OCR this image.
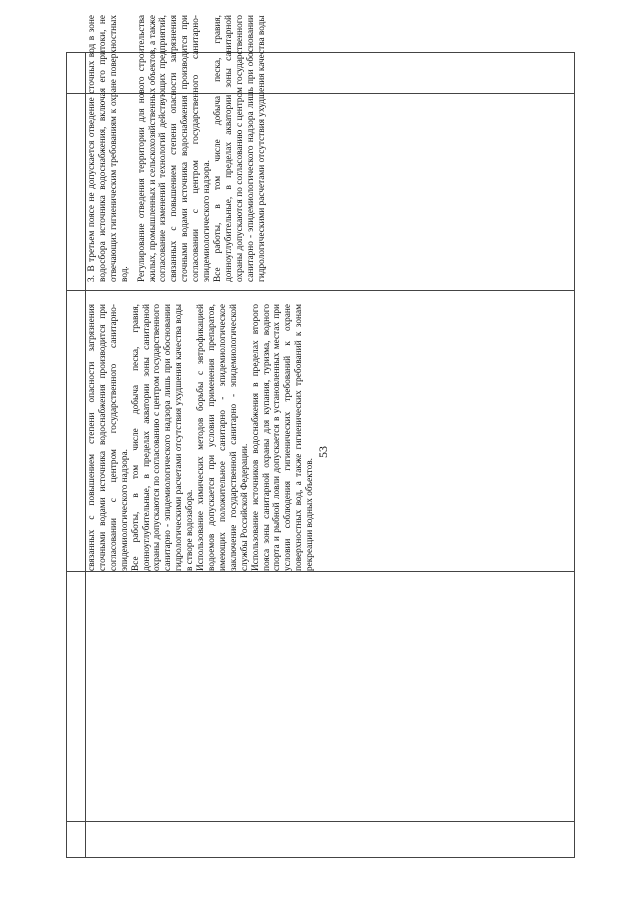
53

связанных с повышением степени опасности загрязнения сточными водами источника водоснабжения производится при согласовании с центром государственного санитарно-эпидемиологического надзора. Все работы, в том числе добыча песка, гравия, донноуглубительные, в пределах акватории зоны санитарной охраны допускаются по согласованию с центром государственного санитарно - эпидемиологического надзора лишь при обосновании гидрологическими расчетами отсутствия ухудшения качества воды в створе водозабора. Использование химических методов борьбы с эвтрофикацией водоемов допускается при условии применения препаратов, имеющих положительное санитарно - эпидемиологическое заключение государственной санитарно - эпидемиологической службы Российской Федерации. Использование источников водоснабжения в пределах второго пояса зоны санитарной охраны для купания, туризма, водного спорта и рыбной ловли допускается в установленных местах при условии соблюдения гигиенических требований к охране поверхностных вод, а также гигиенических требований к зонам рекреации водных объектов.

3. В третьем поясе не допускается отведение сточных вод в зоне водосбора источника водоснабжения, включая его притоки, не отвечающих гигиеническим требованиям к охране поверхностных вод. Регулирование отведения территории для нового строительства жилых, промышленных и сельскохозяйственных объектов, а также согласование изменений технологий действующих предприятий, связанных с повышением степени опасности загрязнения сточными водами источника водоснабжения производится при согласовании с центром государственного санитарно-эпидемиологического надзора. Все работы, в том числе добыча песка, гравия, донноуглубительные, в пределах акватории зоны санитарной охраны допускаются по согласованию с центром государственного санитарно - эпидемиологического надзора лишь при обосновании гидрологическими расчетами отсутствия ухудшения качества воды
